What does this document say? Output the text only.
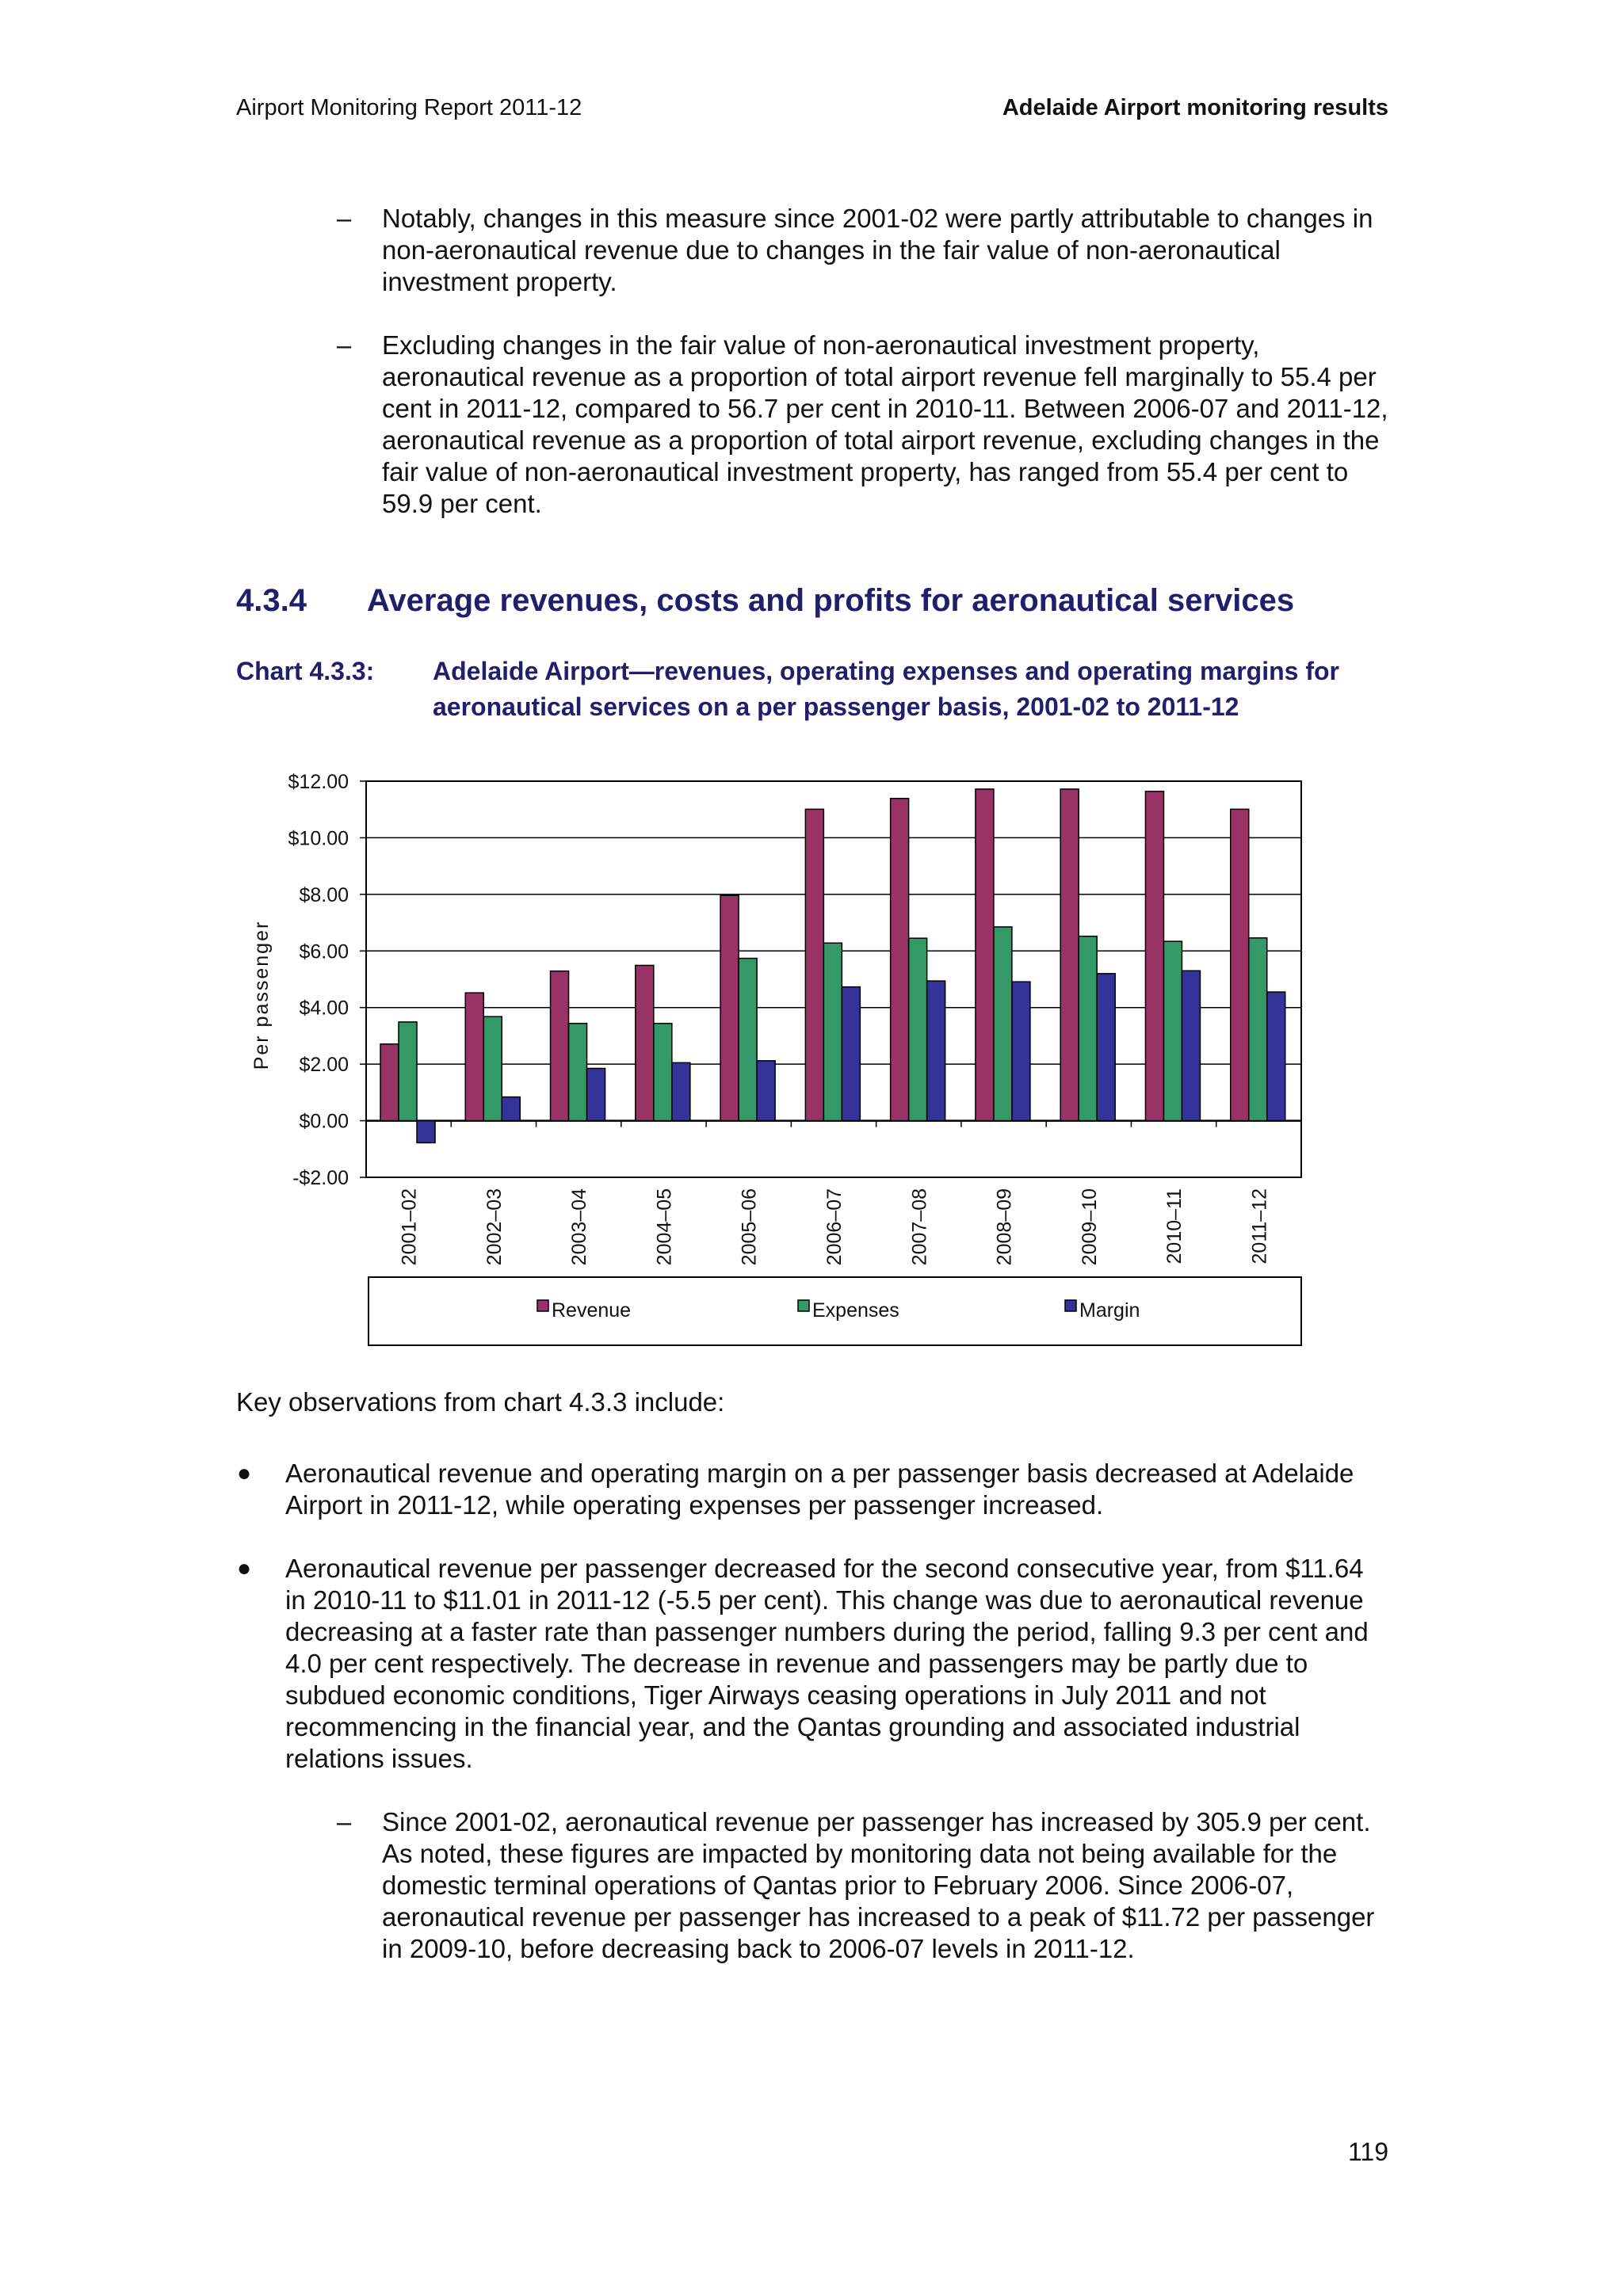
Airport Monitoring Report 2011-12	Adelaide Airport monitoring results
– Notably, changes in this measure since 2001-02 were partly attributable to changes in non-aeronautical revenue due to changes in the fair value of non-aeronautical investment property.
– Excluding changes in the fair value of non-aeronautical investment property, aeronautical revenue as a proportion of total airport revenue fell marginally to 55.4 per cent in 2011-12, compared to 56.7 per cent in 2010-11. Between 2006-07 and 2011-12, aeronautical revenue as a proportion of total airport revenue, excluding changes in the fair value of non-aeronautical investment property, has ranged from 55.4 per cent to 59.9 per cent.
4.3.4 Average revenues, costs and profits for aeronautical services
Chart 4.3.3:	Adelaide Airport—revenues, operating expenses and operating margins for aeronautical services on a per passenger basis, 2001-02 to 2011-12
-$2.00
$0.00
$2.00
$4.00
$6.00
$8.00
$10.00
$12.00
Per passenger
2001–02	2002–03	2003–04	2004–05	2005–06	2006–07	2007–08	2008–09	2009–10	2010–11	2011–12
Revenue	Expenses	Margin
Key observations from chart 4.3.3 include:
● Aeronautical revenue and operating margin on a per passenger basis decreased at Adelaide Airport in 2011-12, while operating expenses per passenger increased.
● Aeronautical revenue per passenger decreased for the second consecutive year, from $11.64 in 2010-11 to $11.01 in 2011-12 (-5.5 per cent). This change was due to aeronautical revenue decreasing at a faster rate than passenger numbers during the period, falling 9.3 per cent and 4.0 per cent respectively. The decrease in revenue and passengers may be partly due to subdued economic conditions, Tiger Airways ceasing operations in July 2011 and not recommencing in the financial year, and the Qantas grounding and associated industrial relations issues.
– Since 2001-02, aeronautical revenue per passenger has increased by 305.9 per cent. As noted, these figures are impacted by monitoring data not being available for the domestic terminal operations of Qantas prior to February 2006. Since 2006-07, aeronautical revenue per passenger has increased to a peak of $11.72 per passenger in 2009-10, before decreasing back to 2006-07 levels in 2011-12.
119
